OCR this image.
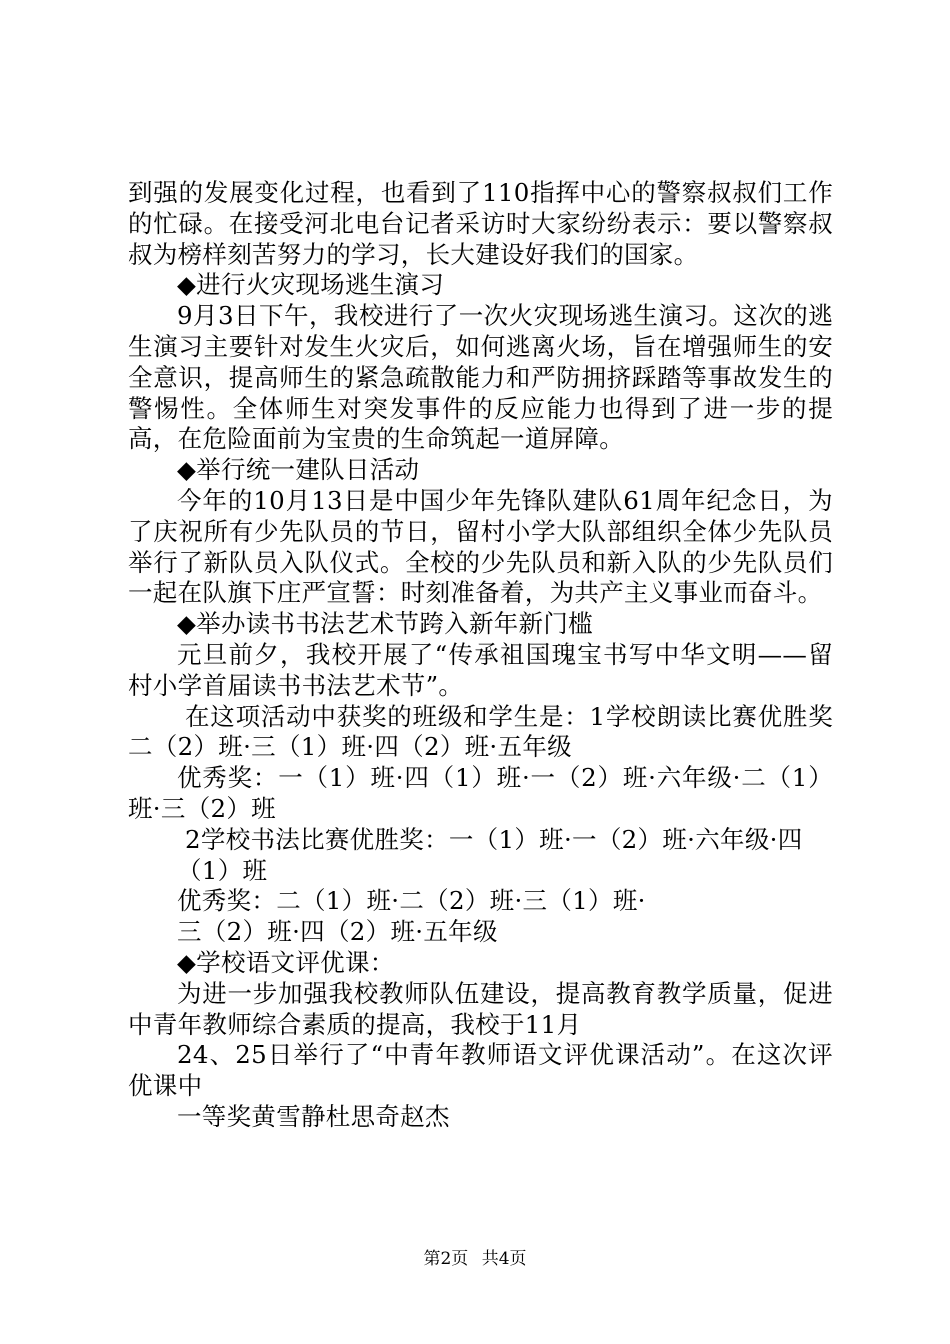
到强的发展变化过程，也看到了110指挥中心的警察叔叔们工作的忙碌。在接受河北电台记者采访时大家纷纷表示：要以警察叔叔为榜样刻苦努力的学习，长大建设好我们的国家。

◆进行火灾现场逃生演习

9月3日下午，我校进行了一次火灾现场逃生演习。这次的逃生演习主要针对发生火灾后，如何逃离火场，旨在增强师生的安全意识，提高师生的紧急疏散能力和严防拥挤踩踏等事故发生的警惕性。全体师生对突发事件的反应能力也得到了进一步的提高，在危险面前为宝贵的生命筑起一道屏障。

◆举行统一建队日活动

今年的10月13日是中国少年先锋队建队61周年纪念日，为了庆祝所有少先队员的节日，留村小学大队部组织全体少先队员举行了新队员入队仪式。全校的少先队员和新入队的少先队员们一起在队旗下庄严宣誓：时刻准备着，为共产主义事业而奋斗。

◆举办读书书法艺术节跨入新年新门槛

元旦前夕，我校开展了“传承祖国瑰宝书写中华文明——留村小学首届读书书法艺术节”。

在这项活动中获奖的班级和学生是：1学校朗读比赛优胜奖二（2）班·三（1）班·四（2）班·五年级

优秀奖：一（1）班·四（1）班·一（2）班·六年级·二（1）班·三（2）班

2学校书法比赛优胜奖：一（1）班·一（2）班·六年级·四

（1）班

优秀奖：二（1）班·二（2）班·三（1）班·

三（2）班·四（2）班·五年级

◆学校语文评优课：

为进一步加强我校教师队伍建设，提高教育教学质量，促进中青年教师综合素质的提高，我校于11月

24、25日举行了“中青年教师语文评优课活动”。在这次评优课中

一等奖黄雪静杜思奇赵杰

第2页 共4页
